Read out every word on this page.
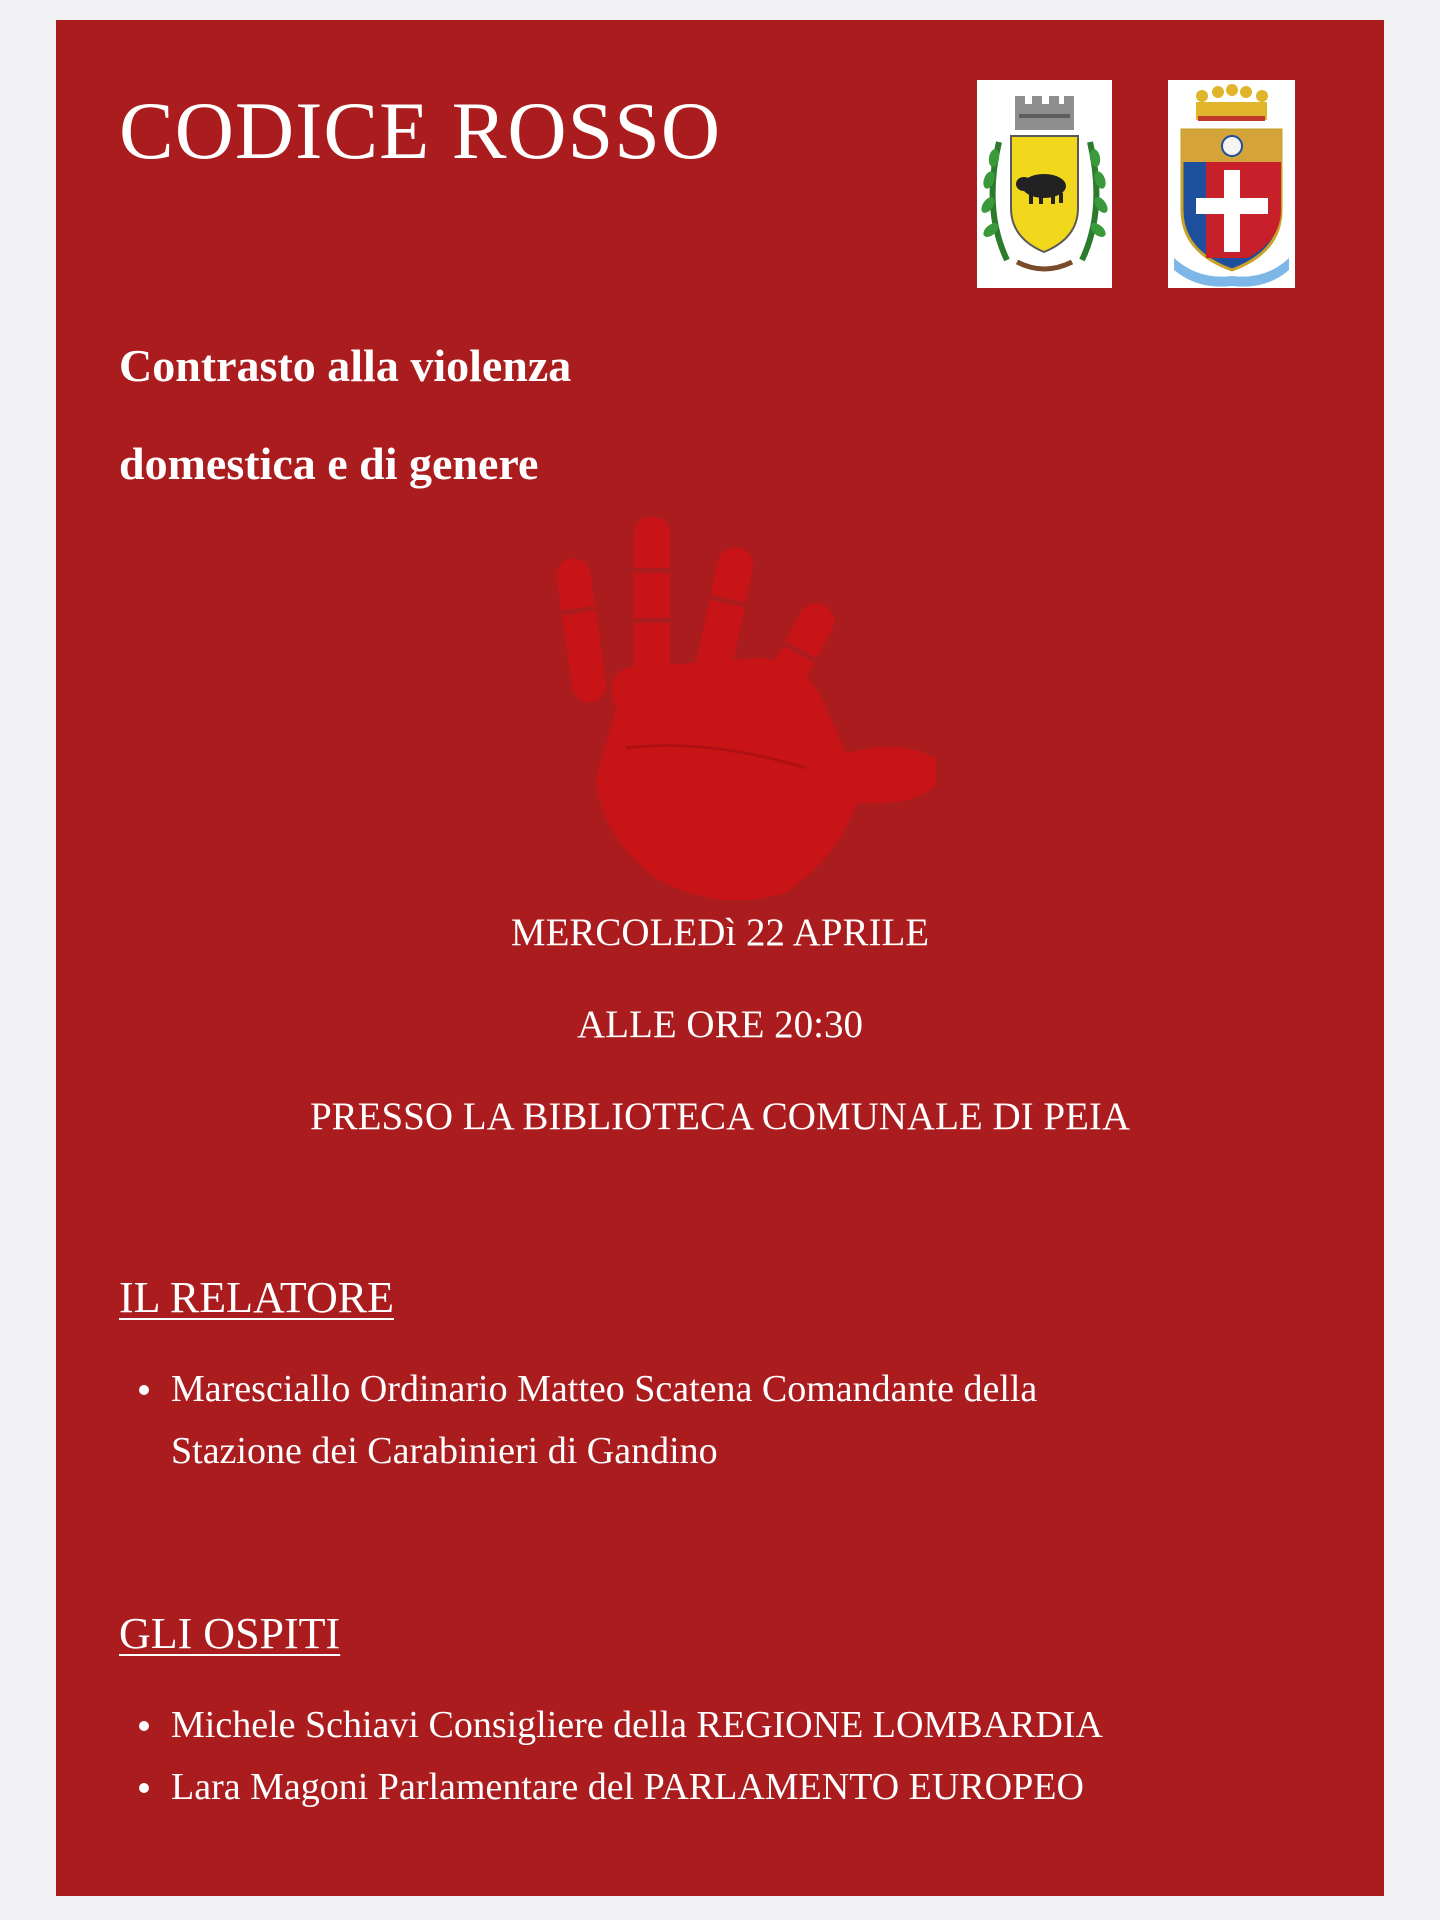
CODICE ROSSO
Contrasto alla violenza
domestica e di genere

MERCOLEDì 22 APRILE

ALLE ORE 20:30

PRESSO LA BIBLIOTECA COMUNALE DI PEIA

IL RELATORE
Maresciallo Ordinario Matteo Scatena Comandante della
Stazione dei Carabinieri di Gandino
GLI OSPITI
Michele Schiavi Consigliere della REGIONE LOMBARDIA
Lara Magoni Parlamentare del PARLAMENTO EUROPEO
